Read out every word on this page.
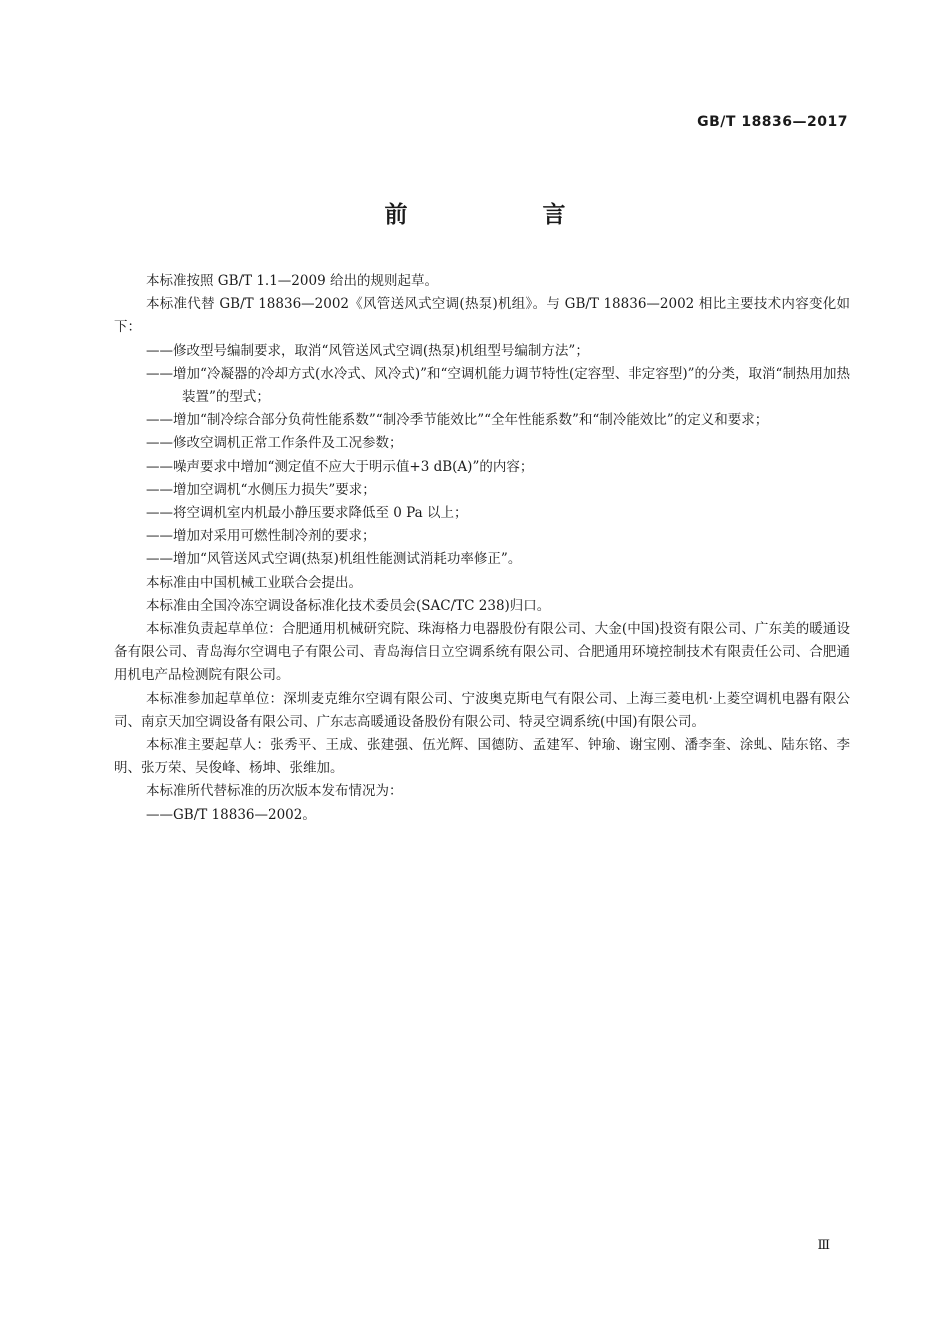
GB/T 18836—2017
前　言

本标准按照 GB/T 1.1—2009 给出的规则起草。

本标准代替 GB/T 18836—2002《风管送风式空调(热泵)机组》。与 GB/T 18836—2002 相比主要技术内容变化如下：

——修改型号编制要求，取消“风管送风式空调(热泵)机组型号编制方法”；

——增加“冷凝器的冷却方式(水冷式、风冷式)”和“空调机能力调节特性(定容型、非定容型)”的分类，取消“制热用加热装置”的型式；

——增加“制冷综合部分负荷性能系数”“制冷季节能效比”“全年性能系数”和“制冷能效比”的定义和要求；

——修改空调机正常工作条件及工况参数；

——噪声要求中增加“测定值不应大于明示值+3 dB(A)”的内容；

——增加空调机“水侧压力损失”要求；

——将空调机室内机最小静压要求降低至 0 Pa 以上；

——增加对采用可燃性制冷剂的要求；

——增加“风管送风式空调(热泵)机组性能测试消耗功率修正”。

本标准由中国机械工业联合会提出。

本标准由全国冷冻空调设备标准化技术委员会(SAC/TC 238)归口。

本标准负责起草单位：合肥通用机械研究院、珠海格力电器股份有限公司、大金(中国)投资有限公司、广东美的暖通设备有限公司、青岛海尔空调电子有限公司、青岛海信日立空调系统有限公司、合肥通用环境控制技术有限责任公司、合肥通用机电产品检测院有限公司。

本标准参加起草单位：深圳麦克维尔空调有限公司、宁波奥克斯电气有限公司、上海三菱电机·上菱空调机电器有限公司、南京天加空调设备有限公司、广东志高暖通设备股份有限公司、特灵空调系统(中国)有限公司。

本标准主要起草人：张秀平、王成、张建强、伍光辉、国德防、孟建军、钟瑜、谢宝刚、潘李奎、涂虬、陆东铭、李明、张万荣、吴俊峰、杨坤、张维加。

本标准所代替标准的历次版本发布情况为：

——GB/T 18836—2002。

Ⅲ
